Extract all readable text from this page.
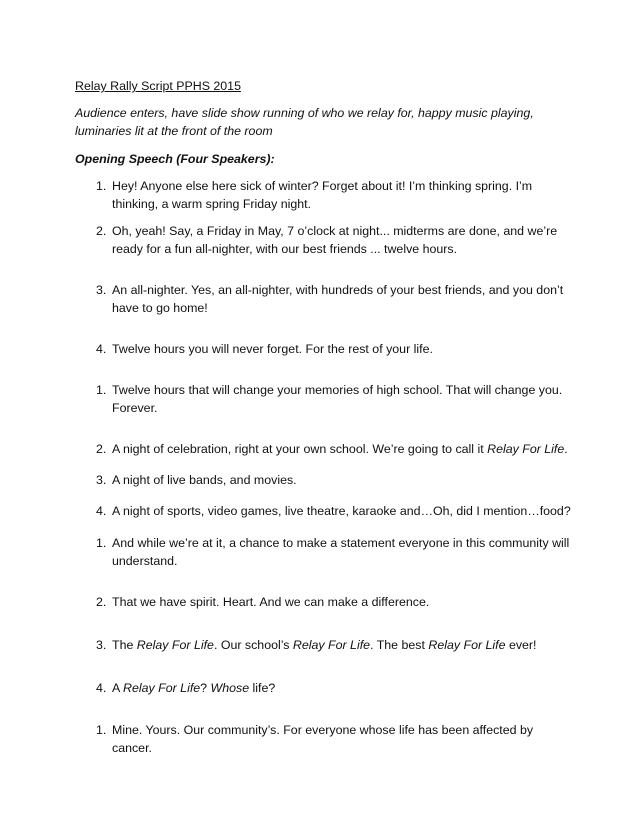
Relay Rally Script PPHS 2015
Audience enters, have slide show running of who we relay for, happy music playing, luminaries lit at the front of the room
Opening Speech (Four Speakers):
1. Hey! Anyone else here sick of winter? Forget about it! I’m thinking spring. I’m thinking, a warm spring Friday night.
2. Oh, yeah! Say, a Friday in May, 7 o’clock at night... midterms are done, and we’re ready for a fun all-nighter, with our best friends ... twelve hours.
3. An all-nighter. Yes, an all-nighter, with hundreds of your best friends, and you don’t have to go home!
4. Twelve hours you will never forget. For the rest of your life.
1. Twelve hours that will change your memories of high school. That will change you. Forever.
2. A night of celebration, right at your own school. We’re going to call it Relay For Life.
3. A night of live bands, and movies.
4. A night of sports, video games, live theatre, karaoke and…Oh, did I mention…food?
1. And while we’re at it, a chance to make a statement everyone in this community will understand.
2. That we have spirit. Heart. And we can make a difference.
3. The Relay For Life. Our school’s Relay For Life. The best Relay For Life ever!
4. A Relay For Life? Whose life?
1. Mine. Yours. Our community’s. For everyone whose life has been affected by cancer.
